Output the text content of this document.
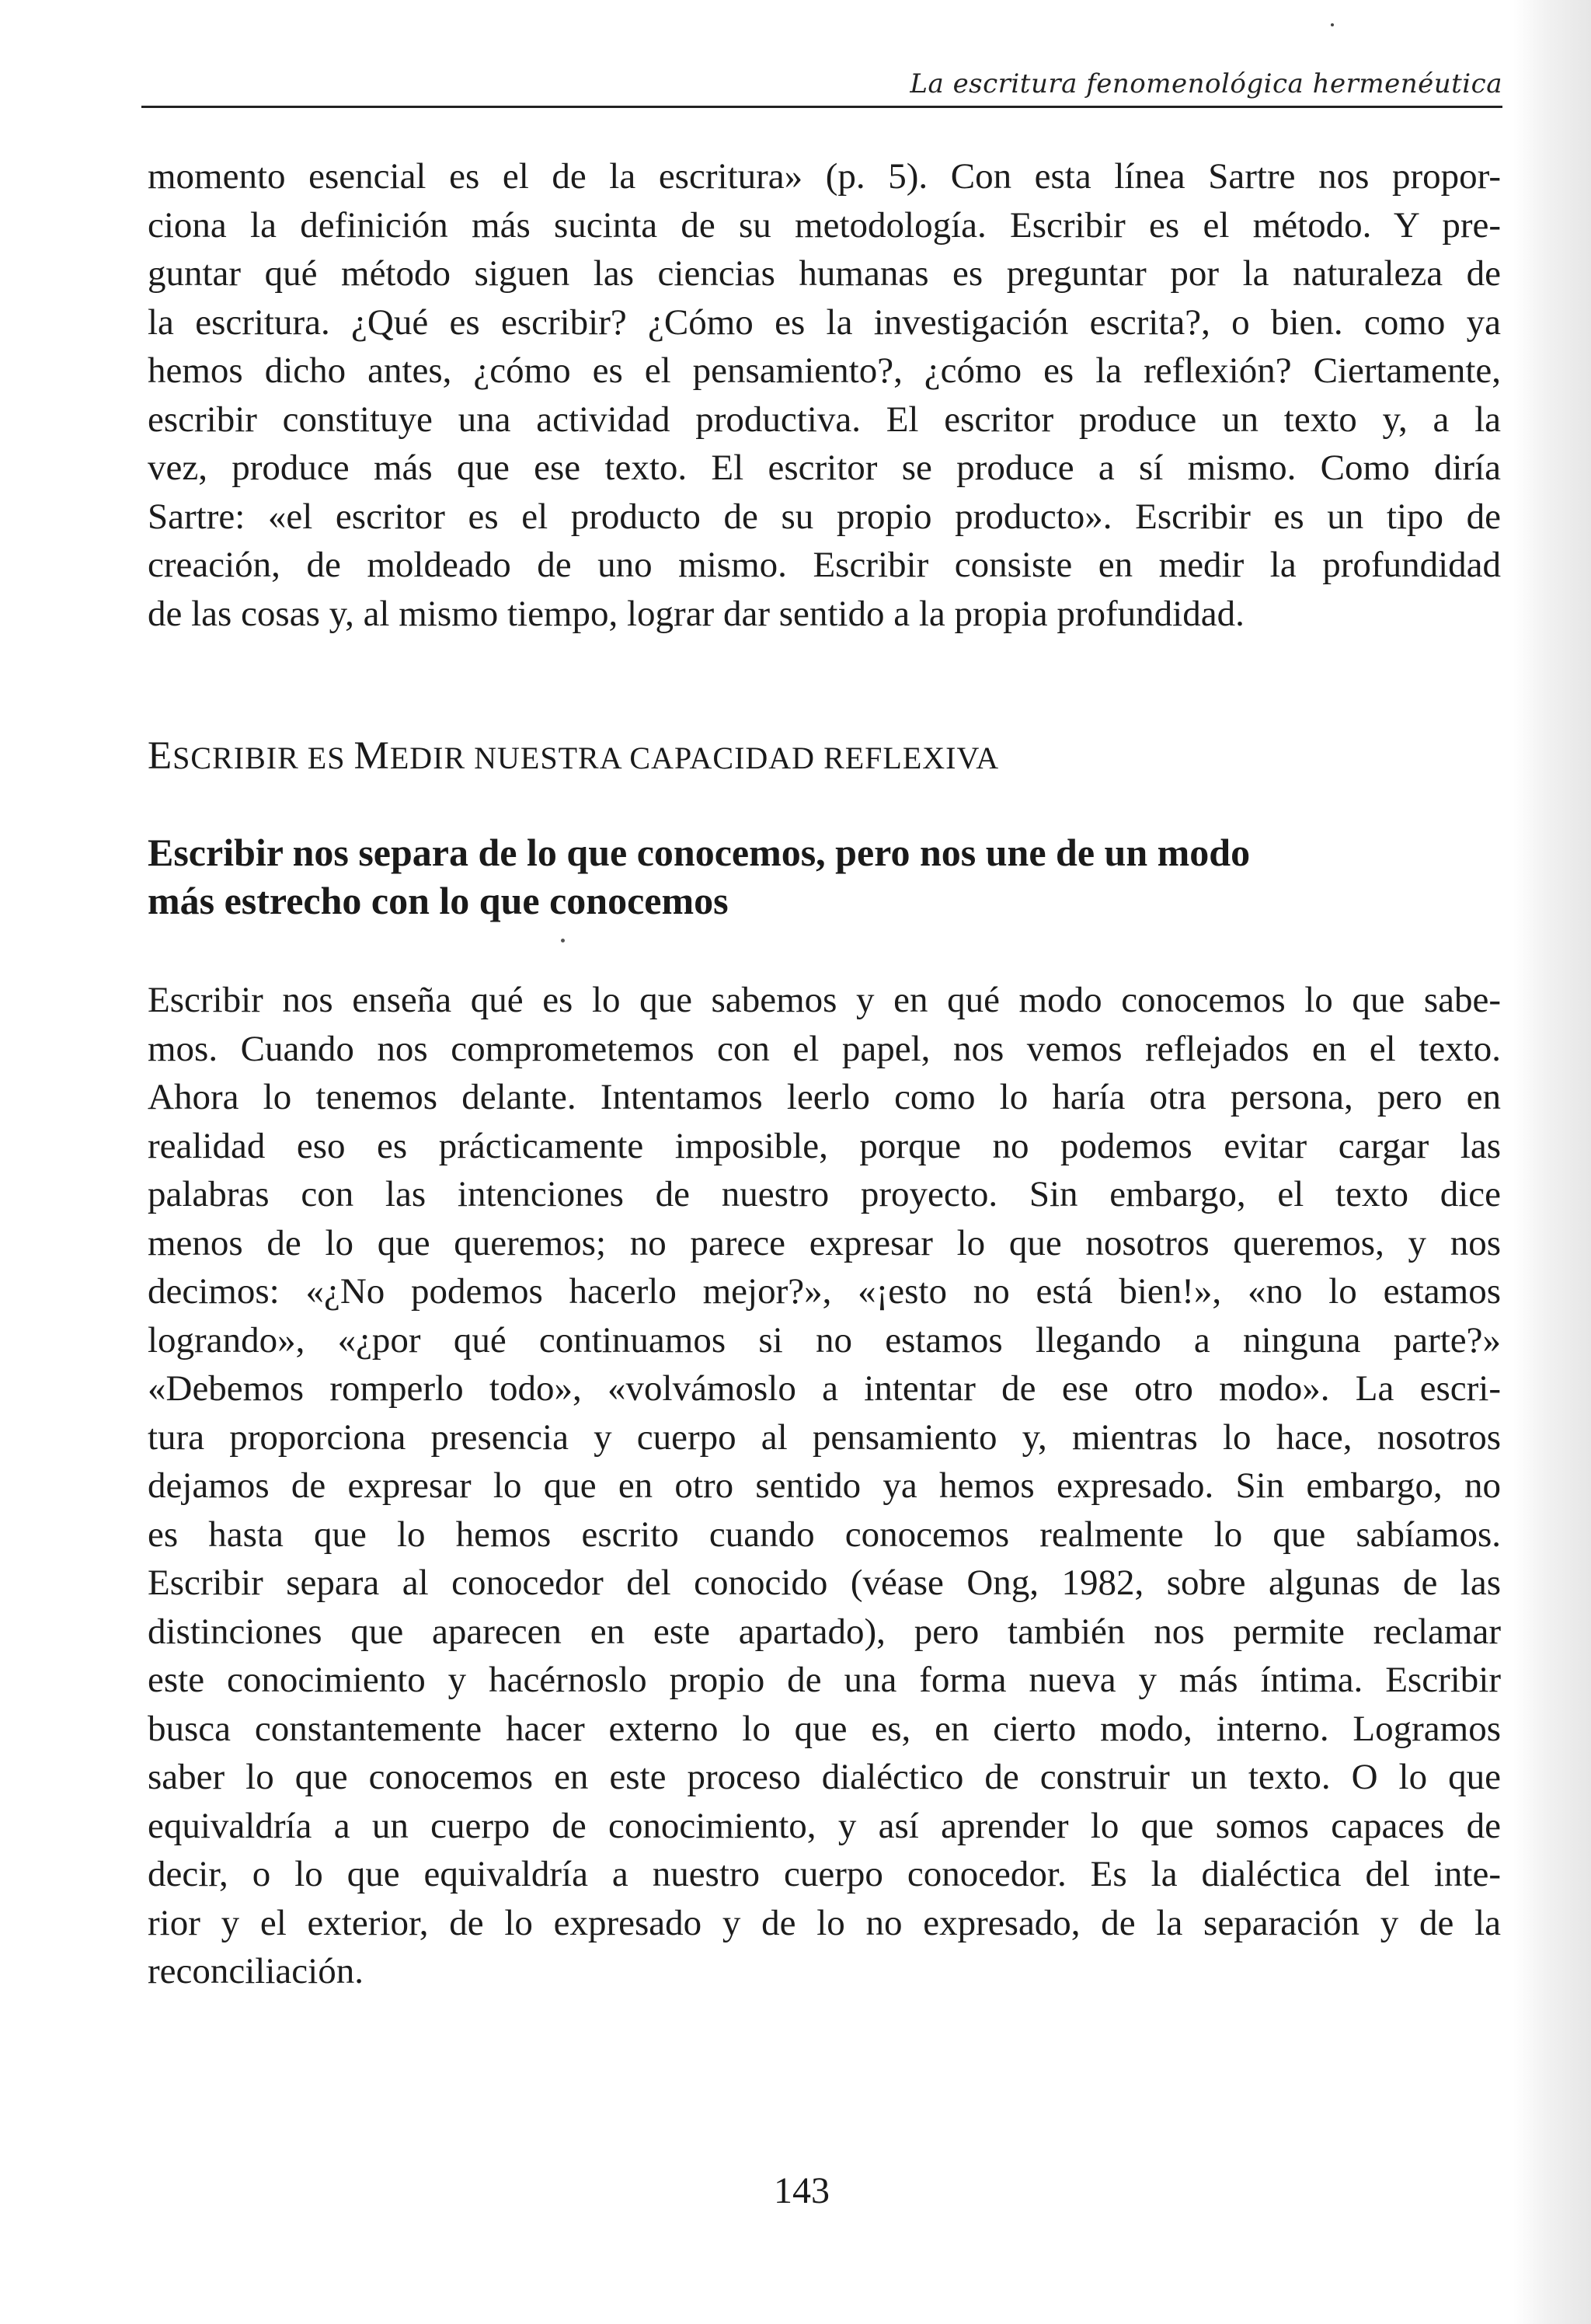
La escritura fenomenológica hermenéutica
momento esencial es el de la escritura» (p. 5). Con esta línea Sartre nos propor-
ciona la definición más sucinta de su metodología. Escribir es el método. Y pre-
guntar qué método siguen las ciencias humanas es preguntar por la naturaleza de
la escritura. ¿Qué es escribir? ¿Cómo es la investigación escrita?, o bien. como ya
hemos dicho antes, ¿cómo es el pensamiento?, ¿cómo es la reflexión? Ciertamente,
escribir constituye una actividad productiva. El escritor produce un texto y, a la
vez, produce más que ese texto. El escritor se produce a sí mismo. Como diría
Sartre: «el escritor es el producto de su propio producto». Escribir es un tipo de
creación, de moldeado de uno mismo. Escribir consiste en medir la profundidad
de las cosas y, al mismo tiempo, lograr dar sentido a la propia profundidad.
ESCRIBIR ES MEDIR NUESTRA CAPACIDAD REFLEXIVA
Escribir nos separa de lo que conocemos, pero nos une de un modo
más estrecho con lo que conocemos
Escribir nos enseña qué es lo que sabemos y en qué modo conocemos lo que sabe-
mos. Cuando nos comprometemos con el papel, nos vemos reflejados en el texto.
Ahora lo tenemos delante. Intentamos leerlo como lo haría otra persona, pero en
realidad eso es prácticamente imposible, porque no podemos evitar cargar las
palabras con las intenciones de nuestro proyecto. Sin embargo, el texto dice
menos de lo que queremos; no parece expresar lo que nosotros queremos, y nos
decimos: «¿No podemos hacerlo mejor?», «¡esto no está bien!», «no lo estamos
logrando», «¿por qué continuamos si no estamos llegando a ninguna parte?»
«Debemos romperlo todo», «volvámoslo a intentar de ese otro modo». La escri-
tura proporciona presencia y cuerpo al pensamiento y, mientras lo hace, nosotros
dejamos de expresar lo que en otro sentido ya hemos expresado. Sin embargo, no
es hasta que lo hemos escrito cuando conocemos realmente lo que sabíamos.
Escribir separa al conocedor del conocido (véase Ong, 1982, sobre algunas de las
distinciones que aparecen en este apartado), pero también nos permite reclamar
este conocimiento y hacérnoslo propio de una forma nueva y más íntima. Escribir
busca constantemente hacer externo lo que es, en cierto modo, interno. Logramos
saber lo que conocemos en este proceso dialéctico de construir un texto. O lo que
equivaldría a un cuerpo de conocimiento, y así aprender lo que somos capaces de
decir, o lo que equivaldría a nuestro cuerpo conocedor. Es la dialéctica del inte-
rior y el exterior, de lo expresado y de lo no expresado, de la separación y de la
reconciliación.
143
